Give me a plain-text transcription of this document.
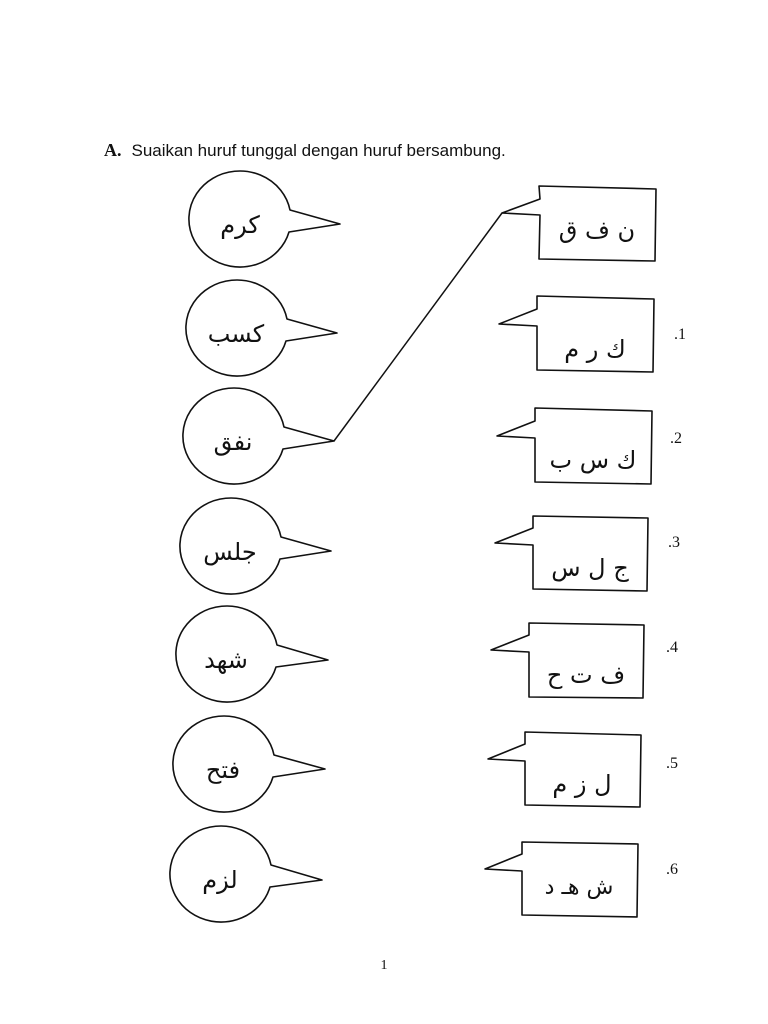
A. Suaikan huruf tunggal dengan huruf bersambung.
كرم
كسب
نفق
جلس
شهد
فتح
لزم
ن ف ق
ك ر م
.1
ك س ب
.2
ج ل س
.3
ف ت ح
.4
ل ز م
.5
ش هـ د
.6
1
